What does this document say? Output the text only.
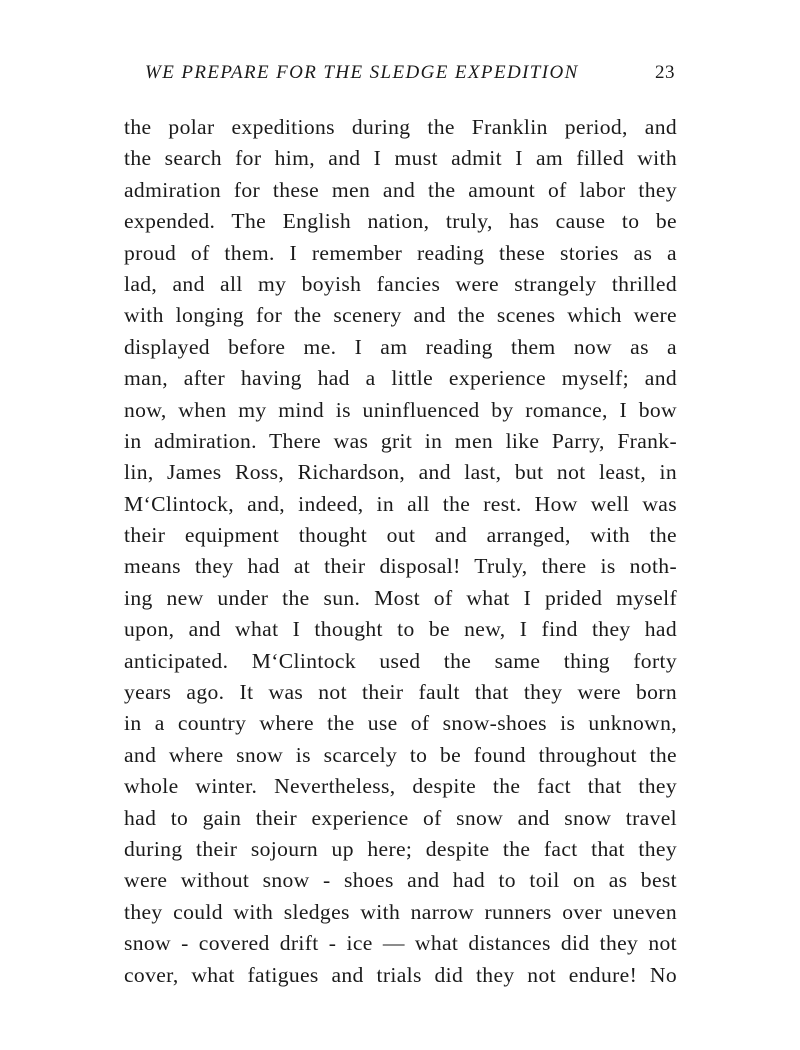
WE PREPARE FOR THE SLEDGE EXPEDITION	23
the polar expeditions during the Franklin period, and
the search for him, and I must admit I am filled with
admiration for these men and the amount of labor they
expended. The English nation, truly, has cause to be
proud of them. I remember reading these stories as a
lad, and all my boyish fancies were strangely thrilled
with longing for the scenery and the scenes which were
displayed before me. I am reading them now as a
man, after having had a little experience myself; and
now, when my mind is uninfluenced by romance, I bow
in admiration. There was grit in men like Parry, Frank-
lin, James Ross, Richardson, and last, but not least, in
M‘Clintock, and, indeed, in all the rest. How well was
their equipment thought out and arranged, with the
means they had at their disposal! Truly, there is noth-
ing new under the sun. Most of what I prided myself
upon, and what I thought to be new, I find they had
anticipated. M‘Clintock used the same thing forty
years ago. It was not their fault that they were born
in a country where the use of snow-shoes is unknown,
and where snow is scarcely to be found throughout the
whole winter. Nevertheless, despite the fact that they
had to gain their experience of snow and snow travel
during their sojourn up here; despite the fact that they
were without snow - shoes and had to toil on as best
they could with sledges with narrow runners over uneven
snow - covered drift - ice — what distances did they not
cover, what fatigues and trials did they not endure! No
